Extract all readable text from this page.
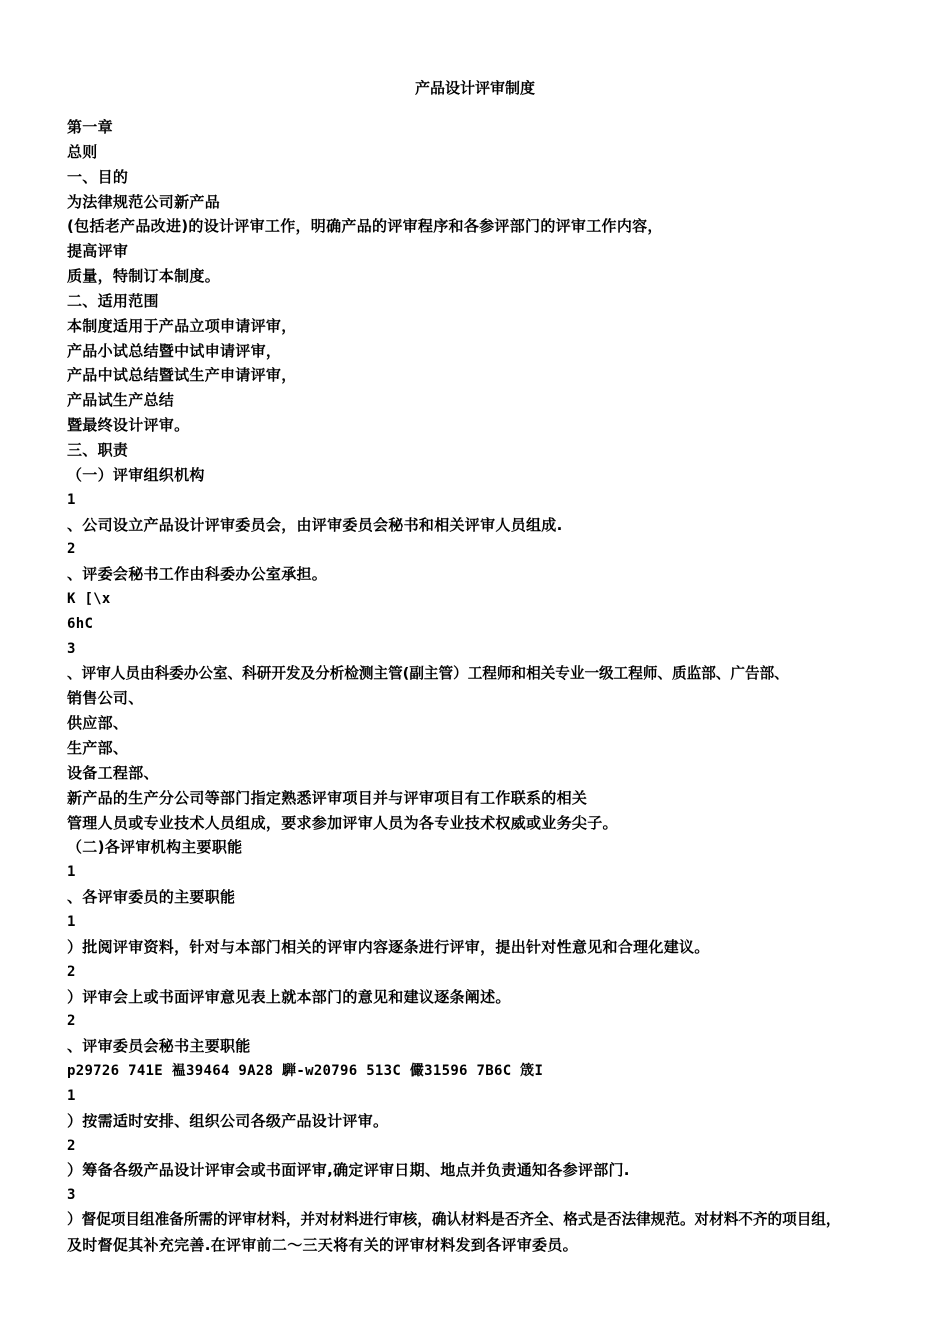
产品设计评审制度
第一章
总则
一、目的
为法律规范公司新产品
(包括老产品改进)的设计评审工作，明确产品的评审程序和各参评部门的评审工作内容，
提高评审
质量，特制订本制度。
二、适用范围
本制度适用于产品立项申请评审，
产品小试总结暨中试申请评审，
产品中试总结暨试生产申请评审，
产品试生产总结
暨最终设计评审。
三、职责
（一）评审组织机构
1
、公司设立产品设计评审委员会，由评审委员会秘书和相关评审人员组成.
2
、评委会秘书工作由科委办公室承担。
K [\x
6hC
3
、评审人员由科委办公室、科研开发及分析检测主管(副主管）工程师和相关专业一级工程师、质监部、广告部、
销售公司、
供应部、
生产部、
设备工程部、
新产品的生产分公司等部门指定熟悉评审项目并与评审项目有工作联系的相关
管理人员或专业技术人员组成，要求参加评审人员为各专业技术权威或业务尖子。
（二)各评审机构主要职能
1
、各评审委员的主要职能
1
）批阅评审资料，针对与本部门相关的评审内容逐条进行评审，提出针对性意见和合理化建议。
2
）评审会上或书面评审意见表上就本部门的意见和建议逐条阐述。
2
、评审委员会秘书主要职能
p29726 741E 褞39464 9A28 騨-w20796 513C 儼31596 7B6C 筬I
1
）按需适时安排、组织公司各级产品设计评审。
2
）筹备各级产品设计评审会或书面评审,确定评审日期、地点并负责通知各参评部门.
3
）督促项目组准备所需的评审材料，并对材料进行审核，确认材料是否齐全、格式是否法律规范。对材料不齐的项目组，
及时督促其补充完善.在评审前二～三天将有关的评审材料发到各评审委员。
